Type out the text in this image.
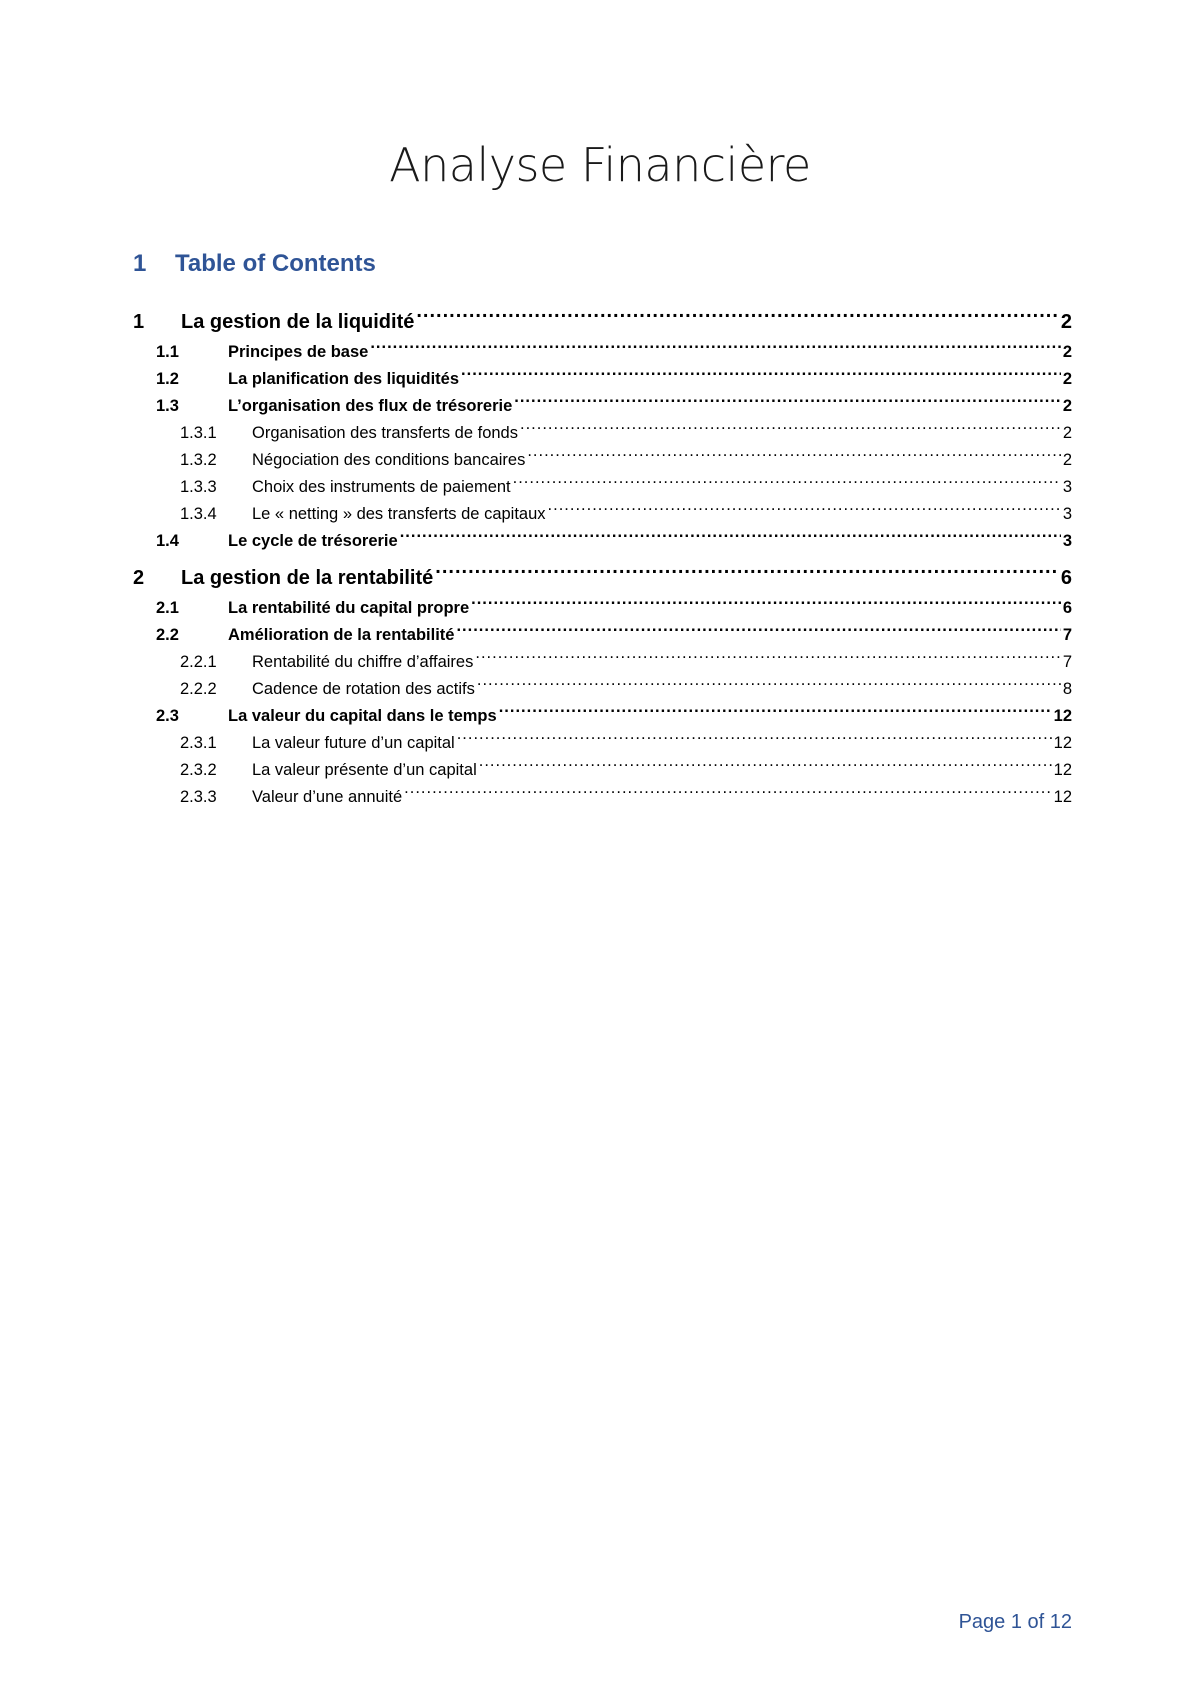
Analyse Financière
1	Table of Contents
1	La gestion de la liquidité .....	2
1.1	Principes de base .....	2
1.2	La planification des liquidités .....	2
1.3	L’organisation des flux de trésorerie .....	2
1.3.1	Organisation des transferts de fonds .....	2
1.3.2	Négociation des conditions bancaires .....	2
1.3.3	Choix des instruments de paiement .....	3
1.3.4	Le « netting » des transferts de capitaux .....	3
1.4	Le cycle de trésorerie .....	3
2	La gestion de la rentabilité .....	6
2.1	La rentabilité du capital propre .....	6
2.2	Amélioration de la rentabilité .....	7
2.2.1	Rentabilité du chiffre d’affaires .....	7
2.2.2	Cadence de rotation des actifs .....	8
2.3	La valeur du capital dans le temps .....	12
2.3.1	La valeur future d’un capital .....	12
2.3.2	La valeur présente d’un capital .....	12
2.3.3	Valeur d’une annuité .....	12

Page 1 of 12
